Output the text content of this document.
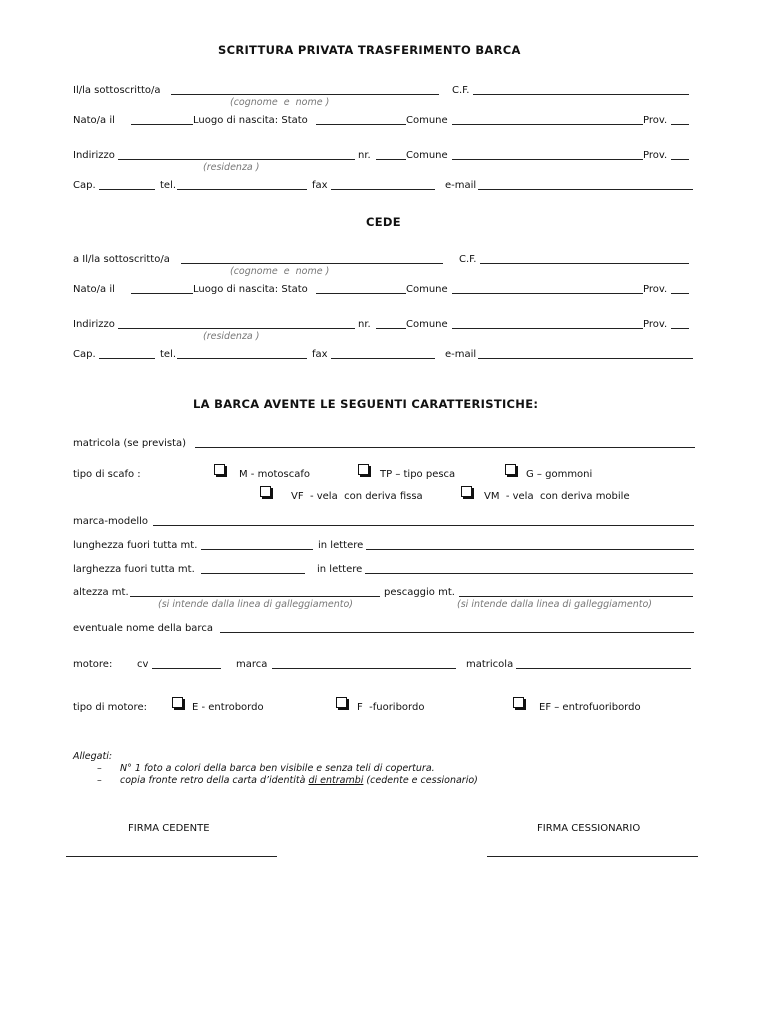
SCRITTURA PRIVATA TRASFERIMENTO BARCA
Il/la sottoscritto/a	C.F.
(cognome  e  nome )
Nato/a il	Luogo di nascita: Stato	Comune	Prov.
Indirizzo	nr.	Comune	Prov.
(residenza )
Cap.	tel.	fax	e-mail
CEDE
a Il/la sottoscritto/a	C.F.
(cognome  e  nome )
Nato/a il	Luogo di nascita: Stato	Comune	Prov.
Indirizzo	nr.	Comune	Prov.
(residenza )
Cap.	tel.	fax	e-mail
LA BARCA AVENTE LE SEGUENTI CARATTERISTICHE:
matricola (se prevista)
tipo di scafo :	M - motoscafo	TP – tipo pesca	G – gommoni
VF  - vela  con deriva fissa	VM  - vela  con deriva mobile
marca-modello
lunghezza fuori tutta mt.	in lettere
larghezza fuori tutta mt.	in lettere
altezza mt.	pescaggio mt.
(si intende dalla linea di galleggiamento)	(si intende dalla linea di galleggiamento)
eventuale nome della barca
motore: cv	marca	matricola
tipo di motore:	E - entrobordo	F  -fuoribordo	EF – entrofuoribordo
Allegati:
– N° 1 foto a colori della barca ben visibile e senza teli di copertura.
– copia fronte retro della carta d’identità di entrambi (cedente e cessionario)
FIRMA CEDENTE	FIRMA CESSIONARIO
